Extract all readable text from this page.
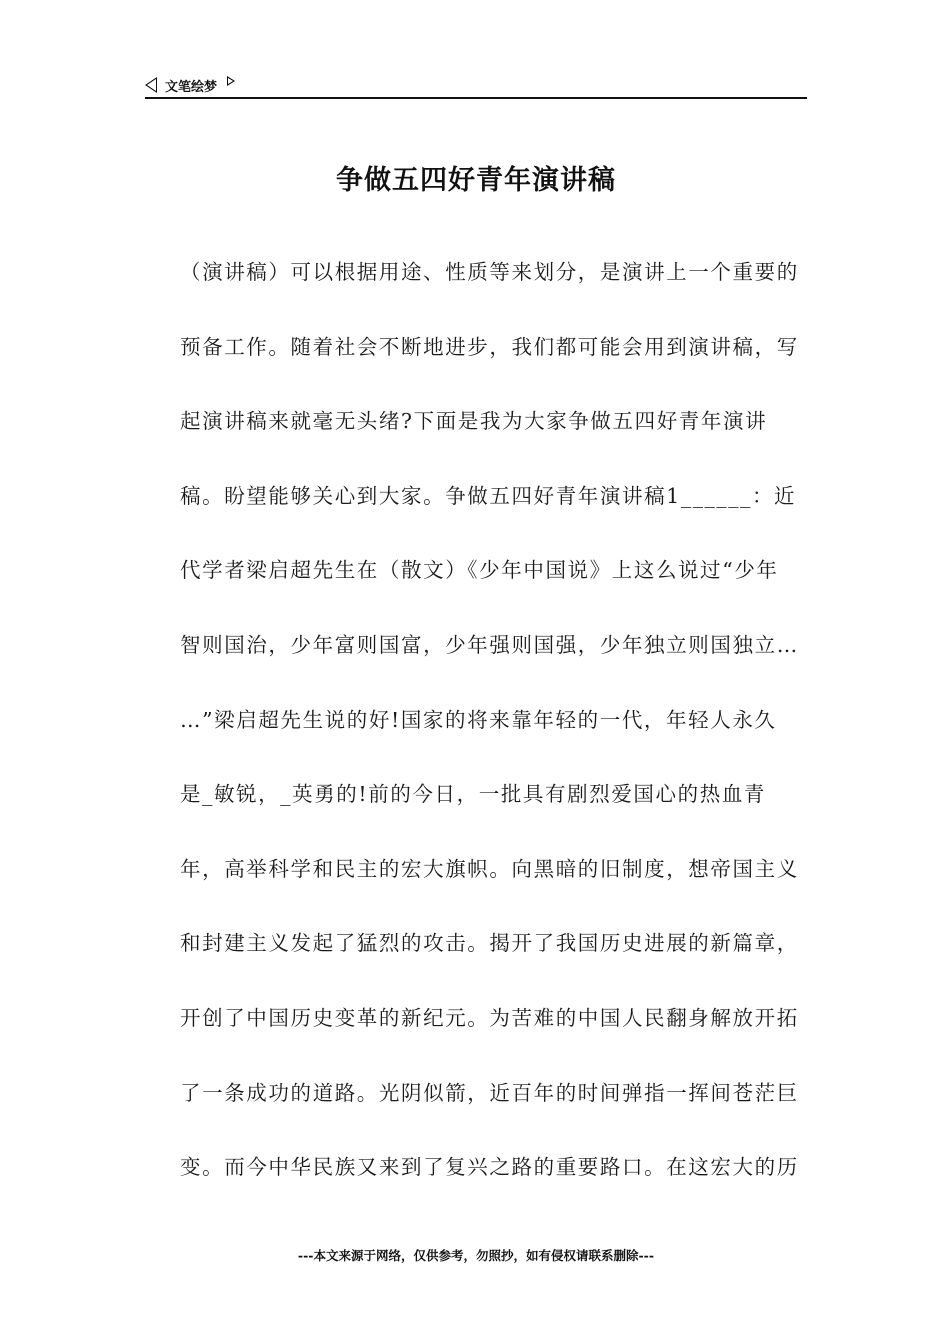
文笔绘梦
争做五四好青年演讲稿
（演讲稿）可以根据用途、性质等来划分，是演讲上一个重要的
预备工作。随着社会不断地进步，我们都可能会用到演讲稿，写
起演讲稿来就毫无头绪?下面是我为大家争做五四好青年演讲
稿。盼望能够关心到大家。争做五四好青年演讲稿1______：近
代学者梁启超先生在（散文）《少年中国说》上这么说过“少年
智则国治，少年富则国富，少年强则国强，少年独立则国独立…
…”梁启超先生说的好!国家的将来靠年轻的一代，年轻人永久
是_敏锐，_英勇的!前的今日，一批具有剧烈爱国心的热血青
年，高举科学和民主的宏大旗帜。向黑暗的旧制度，想帝国主义
和封建主义发起了猛烈的攻击。揭开了我国历史进展的新篇章，
开创了中国历史变革的新纪元。为苦难的中国人民翻身解放开拓
了一条成功的道路。光阴似箭，近百年的时间弹指一挥间苍茫巨
变。而今中华民族又来到了复兴之路的重要路口。在这宏大的历
---本文来源于网络，仅供参考，勿照抄，如有侵权请联系删除---
